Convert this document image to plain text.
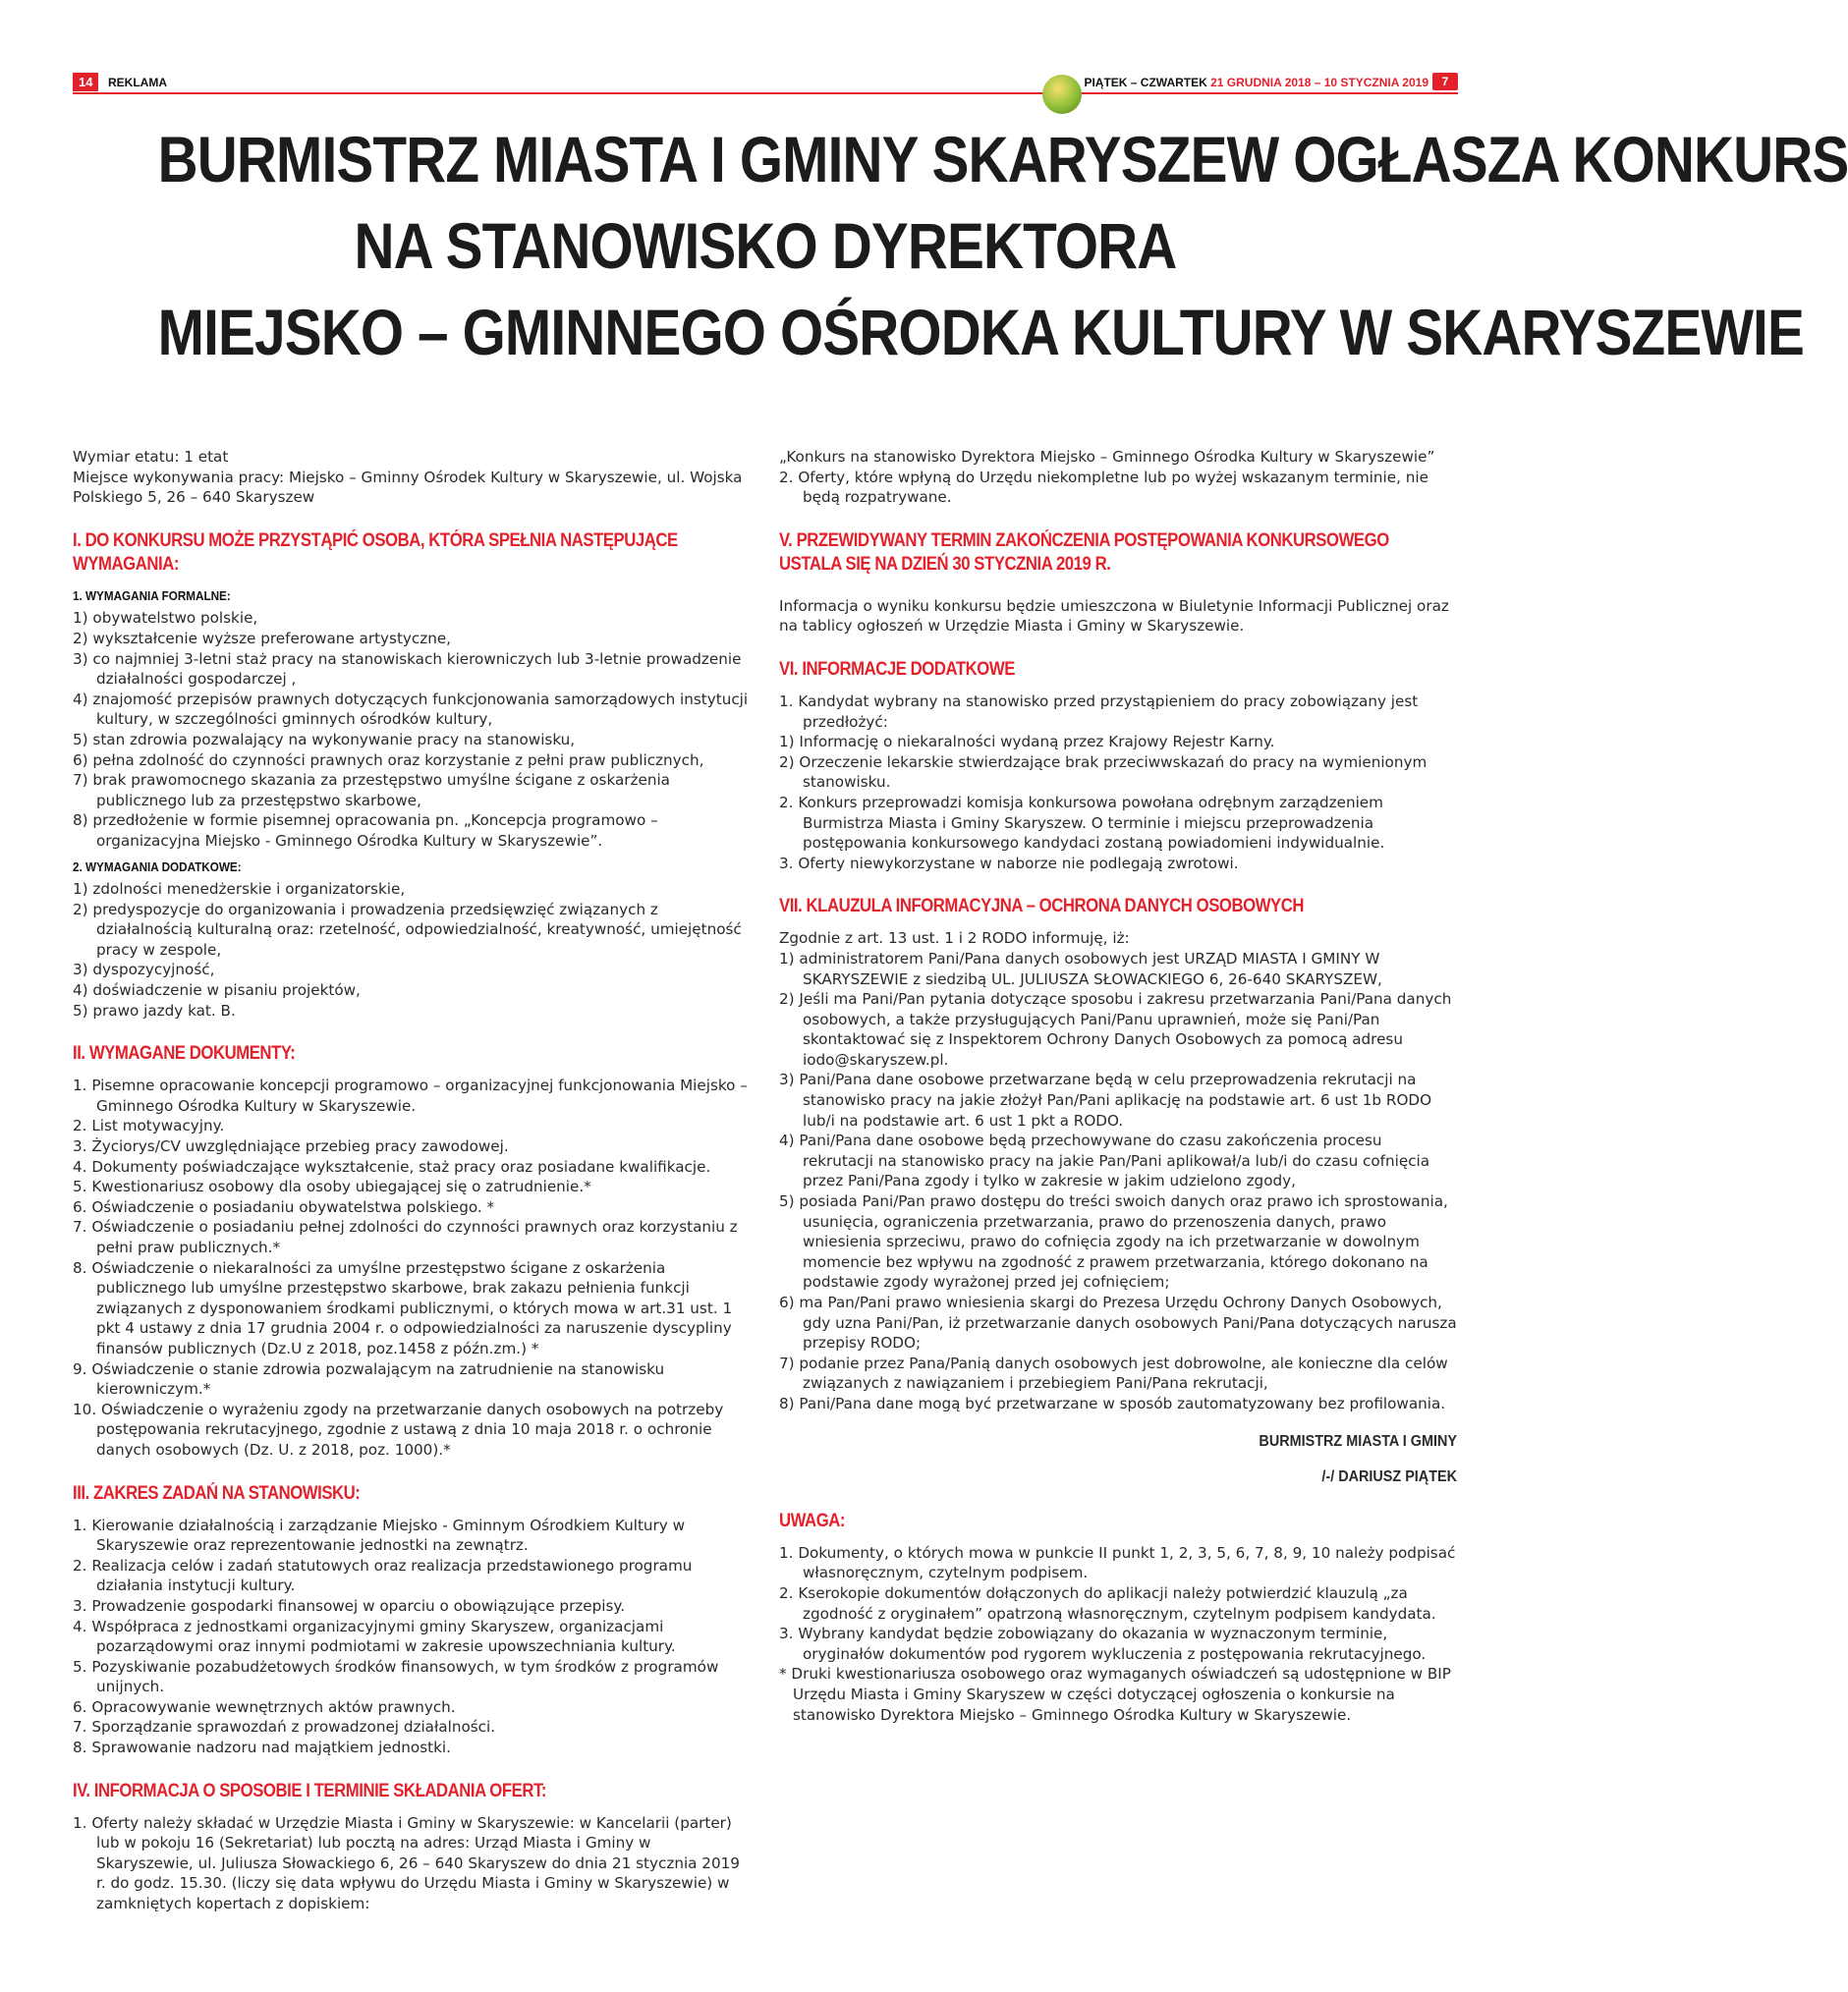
14	REKLAMA	PIĄTEK – CZWARTEK 21 GRUDNIA 2018 – 10 STYCZNIA 2019	7
BURMISTRZ MIASTA I GMINY SKARYSZEW OGŁASZA KONKURS
NA STANOWISKO DYREKTORA
MIEJSKO – GMINNEGO OŚRODKA KULTURY W SKARYSZEWIE

Wymiar etatu: 1 etat

Miejsce wykonywania pracy: Miejsko – Gminny Ośrodek Kultury w Skaryszewie, ul. Wojska Polskiego 5, 26 – 640 Skaryszew

I. DO KONKURSU MOŻE PRZYSTĄPIĆ OSOBA, KTÓRA SPEŁNIA NASTĘPUJĄCE WYMAGANIA:
1. WYMAGANIA FORMALNE:
1) obywatelstwo polskie,
2) wykształcenie wyższe preferowane artystyczne,
3) co najmniej 3-letni staż pracy na stanowiskach kierowniczych lub 3-letnie prowadzenie działalności gospodarczej ,
4) znajomość przepisów prawnych dotyczących funkcjonowania samorządowych instytucji kultury, w szczególności gminnych ośrodków kultury,
5) stan zdrowia pozwalający na wykonywanie pracy na stanowisku,
6) pełna zdolność do czynności prawnych oraz korzystanie z pełni praw publicznych,
7) brak prawomocnego skazania za przestępstwo umyślne ścigane z oskarżenia publicznego lub za przestępstwo skarbowe,
8) przedłożenie w formie pisemnej opracowania pn. „Koncepcja programowo – organizacyjna Miejsko - Gminnego Ośrodka Kultury w Skaryszewie”.
2. WYMAGANIA DODATKOWE:
1) zdolności menedżerskie i organizatorskie,
2) predyspozycje do organizowania i prowadzenia przedsięwzięć związanych z działalnością kulturalną oraz: rzetelność, odpowiedzialność, kreatywność, umiejętność pracy w zespole,
3) dyspozycyjność,
4) doświadczenie w pisaniu projektów,
5) prawo jazdy kat. B.
II. WYMAGANE DOKUMENTY:
1. Pisemne opracowanie koncepcji programowo – organizacyjnej funkcjonowania Miejsko – Gminnego Ośrodka Kultury w Skaryszewie.
2. List motywacyjny.
3. Życiorys/CV uwzględniające przebieg pracy zawodowej.
4. Dokumenty poświadczające wykształcenie, staż pracy oraz posiadane kwalifikacje.
5. Kwestionariusz osobowy dla osoby ubiegającej się o zatrudnienie.*
6. Oświadczenie o posiadaniu obywatelstwa polskiego. *
7. Oświadczenie o posiadaniu pełnej zdolności do czynności prawnych oraz korzystaniu z pełni praw publicznych.*
8. Oświadczenie o niekaralności za umyślne przestępstwo ścigane z oskarżenia publicznego lub umyślne przestępstwo skarbowe, brak zakazu pełnienia funkcji związanych z dysponowaniem środkami publicznymi, o których mowa w art.31 ust. 1 pkt 4 ustawy z dnia 17 grudnia 2004 r. o odpowiedzialności za naruszenie dyscypliny finansów publicznych (Dz.U z 2018, poz.1458 z późn.zm.) *
9. Oświadczenie o stanie zdrowia pozwalającym na zatrudnienie na stanowisku kierowniczym.*
10. Oświadczenie o wyrażeniu zgody na przetwarzanie danych osobowych na potrzeby postępowania rekrutacyjnego, zgodnie z ustawą z dnia 10 maja 2018 r. o ochronie danych osobowych (Dz. U. z 2018, poz. 1000).*
III. ZAKRES ZADAŃ NA STANOWISKU:
1. Kierowanie działalnością i zarządzanie Miejsko - Gminnym Ośrodkiem Kultury w Skaryszewie oraz reprezentowanie jednostki na zewnątrz.
2. Realizacja celów i zadań statutowych oraz realizacja przedstawionego programu działania instytucji kultury.
3. Prowadzenie gospodarki finansowej w oparciu o obowiązujące przepisy.
4. Współpraca z jednostkami organizacyjnymi gminy Skaryszew, organizacjami pozarządowymi oraz innymi podmiotami w zakresie upowszechniania kultury.
5. Pozyskiwanie pozabudżetowych środków finansowych, w tym środków z programów unijnych.
6. Opracowywanie wewnętrznych aktów prawnych.
7. Sporządzanie sprawozdań z prowadzonej działalności.
8. Sprawowanie nadzoru nad majątkiem jednostki.
IV. INFORMACJA O SPOSOBIE I TERMINIE SKŁADANIA OFERT:
1. Oferty należy składać w Urzędzie Miasta i Gminy w Skaryszewie: w Kancelarii (parter) lub w pokoju 16 (Sekretariat) lub pocztą na adres: Urząd Miasta i Gminy w Skaryszewie, ul. Juliusza Słowackiego 6, 26 – 640 Skaryszew do dnia 21 stycznia 2019 r. do godz. 15.30. (liczy się data wpływu do Urzędu Miasta i Gminy w Skaryszewie) w zamkniętych kopertach z dopiskiem:

„Konkurs na stanowisko Dyrektora Miejsko – Gminnego Ośrodka Kultury w Skaryszewie”

2. Oferty, które wpłyną do Urzędu niekompletne lub po wyżej wskazanym terminie, nie będą rozpatrywane.
V. PRZEWIDYWANY TERMIN ZAKOŃCZENIA POSTĘPOWANIA KONKURSOWEGO USTALA SIĘ NA DZIEŃ 30 STYCZNIA 2019 R.

Informacja o wyniku konkursu będzie umieszczona w Biuletynie Informacji Publicznej oraz na tablicy ogłoszeń w Urzędzie Miasta i Gminy w Skaryszewie.

VI. INFORMACJE DODATKOWE
1. Kandydat wybrany na stanowisko przed przystąpieniem do pracy zobowiązany jest przedłożyć:
1) Informację o niekaralności wydaną przez Krajowy Rejestr Karny.
2) Orzeczenie lekarskie stwierdzające brak przeciwwskazań do pracy na wymienionym stanowisku.
2. Konkurs przeprowadzi komisja konkursowa powołana odrębnym zarządzeniem Burmistrza Miasta i Gminy Skaryszew. O terminie i miejscu przeprowadzenia postępowania konkursowego kandydaci zostaną powiadomieni indywidualnie.
3. Oferty niewykorzystane w naborze nie podlegają zwrotowi.
VII. KLAUZULA INFORMACYJNA – OCHRONA DANYCH OSOBOWYCH

Zgodnie z art. 13 ust. 1 i 2 RODO informuję, iż:

1) administratorem Pani/Pana danych osobowych jest URZĄD MIASTA I GMINY W SKARYSZEWIE z siedzibą UL. JULIUSZA SŁOWACKIEGO 6, 26-640 SKARYSZEW,
2) Jeśli ma Pani/Pan pytania dotyczące sposobu i zakresu przetwarzania Pani/Pana danych osobowych, a także przysługujących Pani/Panu uprawnień, może się Pani/Pan skontaktować się z Inspektorem Ochrony Danych Osobowych za pomocą adresu iodo@skaryszew.pl.
3) Pani/Pana dane osobowe przetwarzane będą w celu przeprowadzenia rekrutacji na stanowisko pracy na jakie złożył Pan/Pani aplikację na podstawie art. 6 ust 1b RODO lub/i na podstawie art. 6 ust 1 pkt a RODO.
4) Pani/Pana dane osobowe będą przechowywane do czasu zakończenia procesu rekrutacji na stanowisko pracy na jakie Pan/Pani aplikował/a lub/i do czasu cofnięcia przez Pani/Pana zgody i tylko w zakresie w jakim udzielono zgody,
5) posiada Pani/Pan prawo dostępu do treści swoich danych oraz prawo ich sprostowania, usunięcia, ograniczenia przetwarzania, prawo do przenoszenia danych, prawo wniesienia sprzeciwu, prawo do cofnięcia zgody na ich przetwarzanie w dowolnym momencie bez wpływu na zgodność z prawem przetwarzania, którego dokonano na podstawie zgody wyrażonej przed jej cofnięciem;
6) ma Pan/Pani prawo wniesienia skargi do Prezesa Urzędu Ochrony Danych Osobowych, gdy uzna Pani/Pan, iż przetwarzanie danych osobowych Pani/Pana dotyczących narusza przepisy RODO;
7) podanie przez Pana/Panią danych osobowych jest dobrowolne, ale konieczne dla celów związanych z nawiązaniem i przebiegiem Pani/Pana rekrutacji,
8) Pani/Pana dane mogą być przetwarzane w sposób zautomatyzowany bez profilowania.
BURMISTRZ MIASTA I GMINY
/-/ DARIUSZ PIĄTEK
UWAGA:
1. Dokumenty, o których mowa w punkcie II punkt 1, 2, 3, 5, 6, 7, 8, 9, 10 należy podpisać własnoręcznym, czytelnym podpisem.
2. Kserokopie dokumentów dołączonych do aplikacji należy potwierdzić klauzulą „za zgodność z oryginałem” opatrzoną własnoręcznym, czytelnym podpisem kandydata.
3. Wybrany kandydat będzie zobowiązany do okazania w wyznaczonym terminie, oryginałów dokumentów pod rygorem wykluczenia z postępowania rekrutacyjnego.

* Druki kwestionariusza osobowego oraz wymaganych oświadczeń są udostępnione w BIP Urzędu Miasta i Gminy Skaryszew w części dotyczącej ogłoszenia o konkursie na stanowisko Dyrektora Miejsko – Gminnego Ośrodka Kultury w Skaryszewie.
